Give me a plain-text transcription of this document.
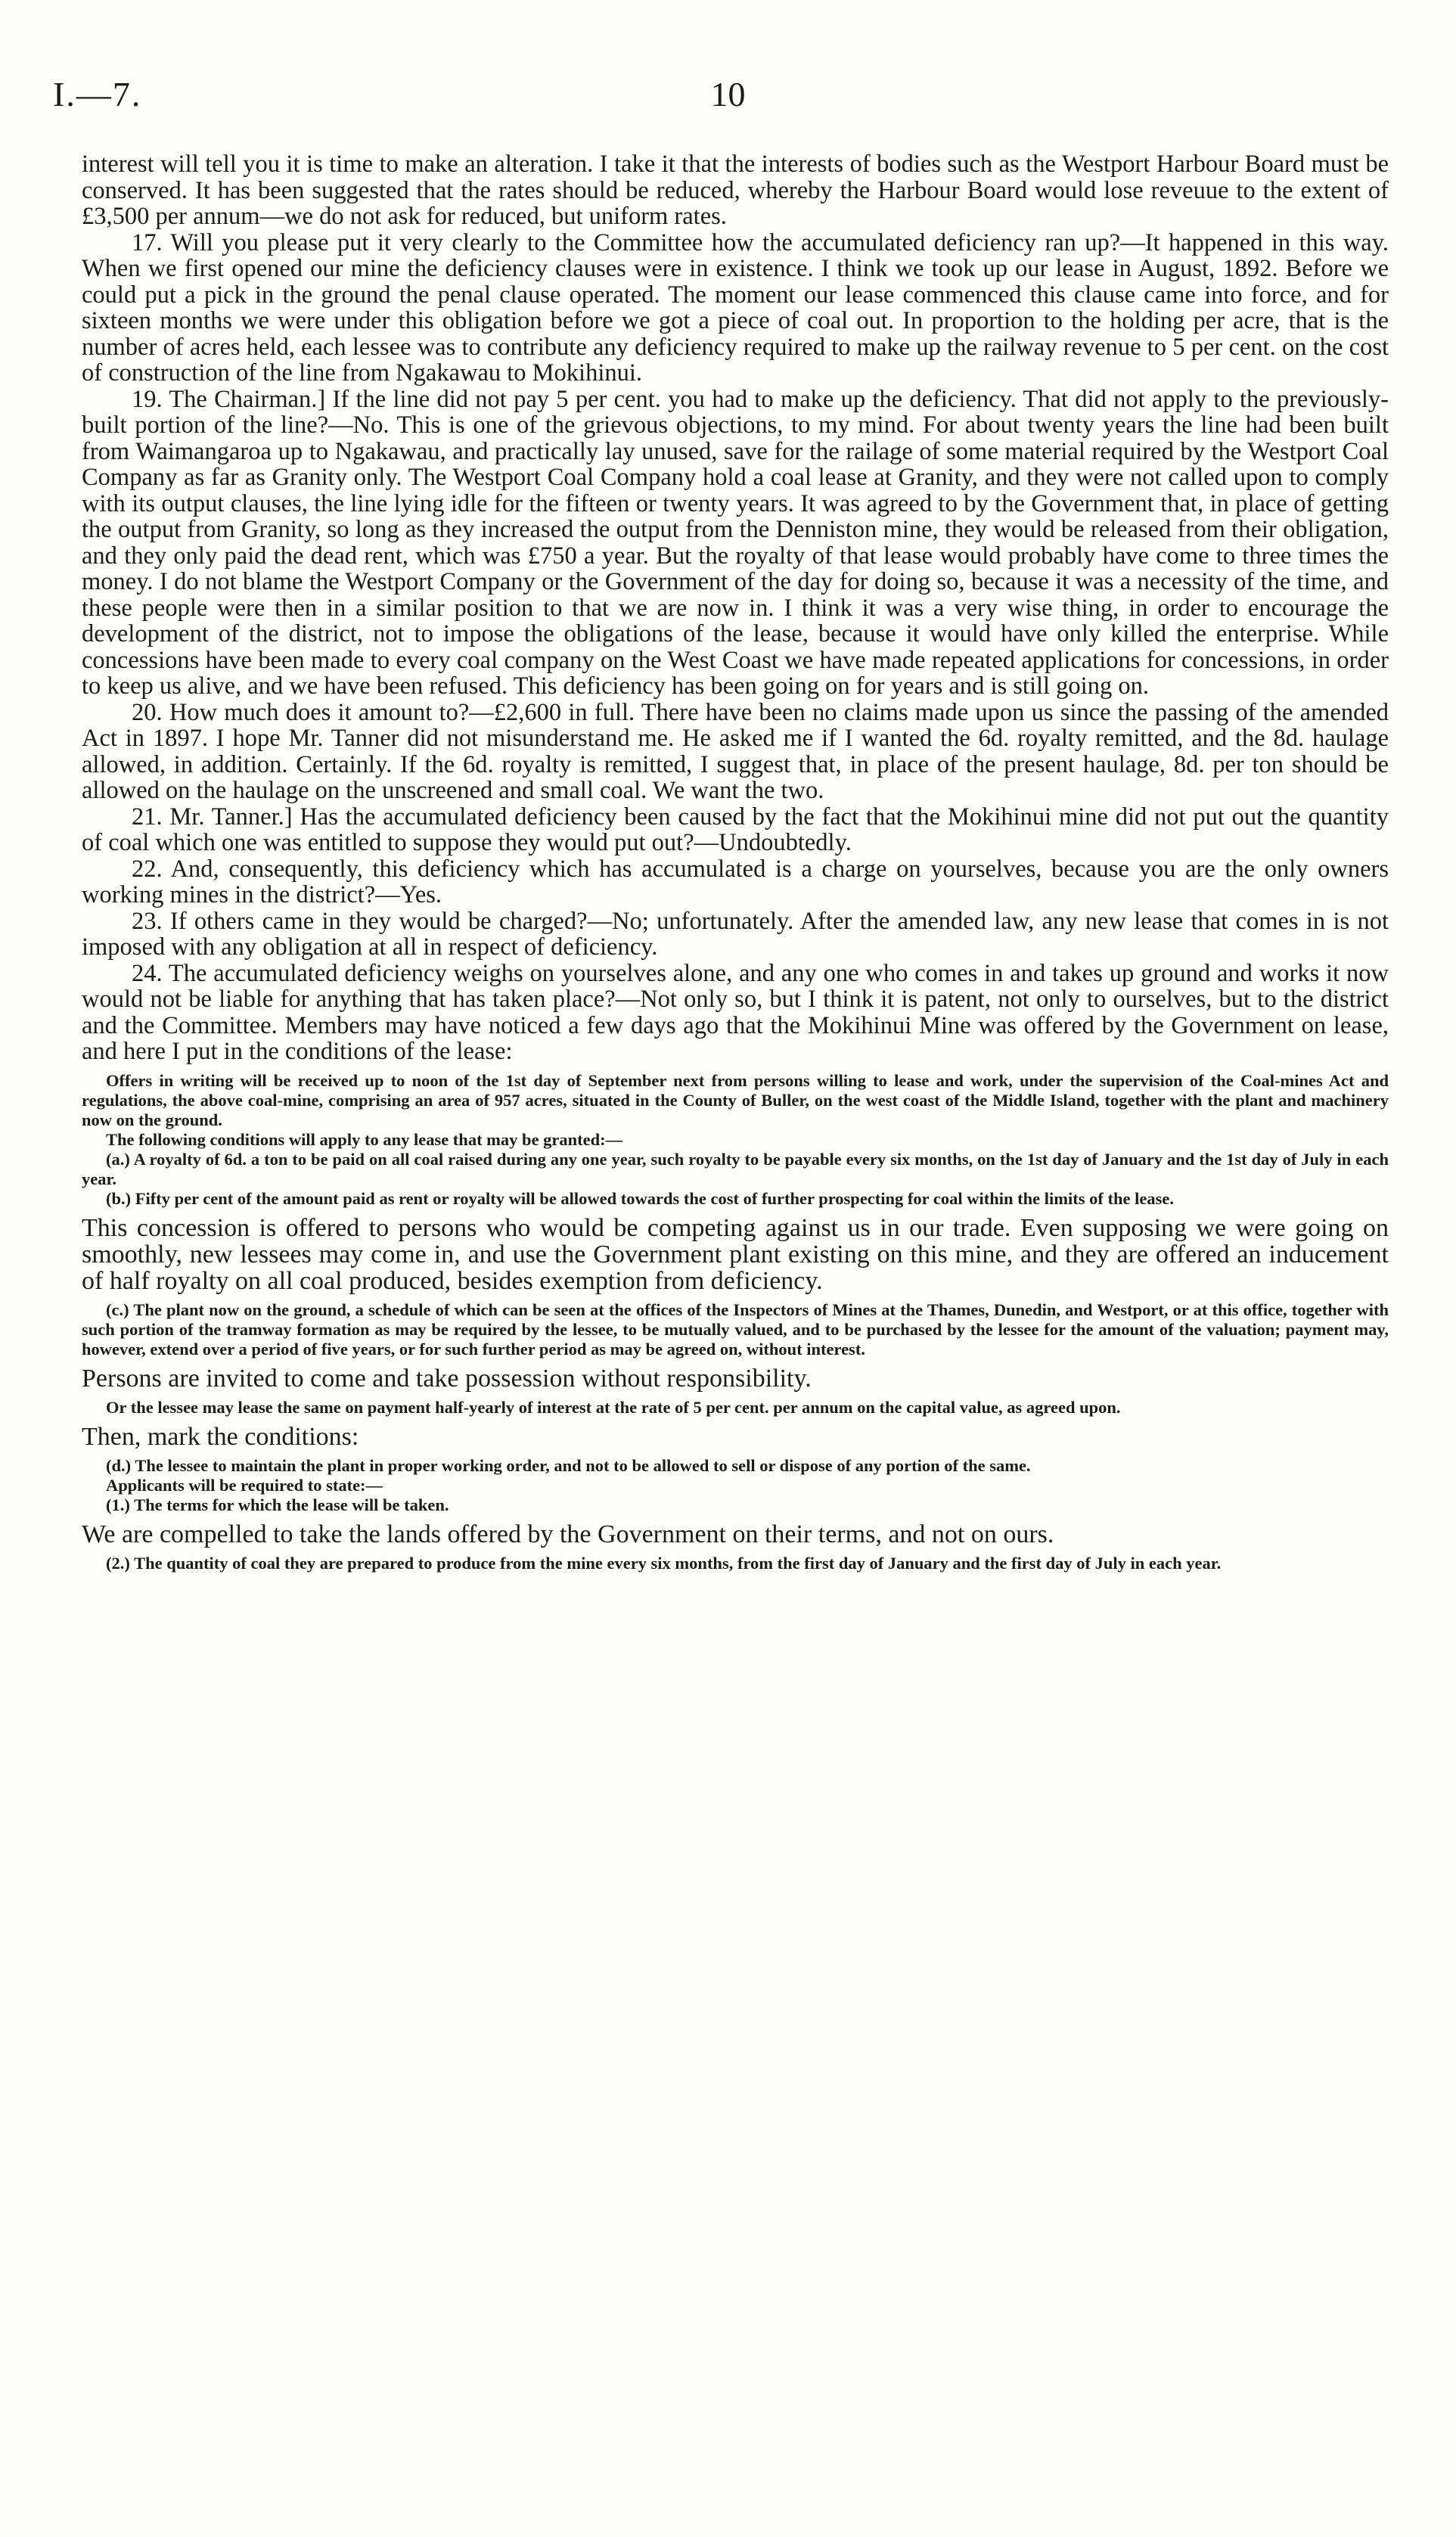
I.—7.	10

interest will tell you it is time to make an alteration. I take it that the interests of bodies such as the Westport Harbour Board must be conserved. It has been suggested that the rates should be reduced, whereby the Harbour Board would lose reveuue to the extent of £3,500 per annum—we do not ask for reduced, but uniform rates.

17. Will you please put it very clearly to the Committee how the accumulated deficiency ran up?—It happened in this way. When we first opened our mine the deficiency clauses were in existence. I think we took up our lease in August, 1892. Before we could put a pick in the ground the penal clause operated. The moment our lease commenced this clause came into force, and for sixteen months we were under this obligation before we got a piece of coal out. In proportion to the holding per acre, that is the number of acres held, each lessee was to contribute any deficiency required to make up the railway revenue to 5 per cent. on the cost of construction of the line from Ngakawau to Mokihinui.

19. The Chairman.] If the line did not pay 5 per cent. you had to make up the deficiency. That did not apply to the previously-built portion of the line?—No. This is one of the grievous objections, to my mind. For about twenty years the line had been built from Waimangaroa up to Ngakawau, and practically lay unused, save for the railage of some material required by the Westport Coal Company as far as Granity only. The Westport Coal Company hold a coal lease at Granity, and they were not called upon to comply with its output clauses, the line lying idle for the fifteen or twenty years. It was agreed to by the Government that, in place of getting the output from Granity, so long as they increased the output from the Denniston mine, they would be released from their obligation, and they only paid the dead rent, which was £750 a year. But the royalty of that lease would probably have come to three times the money. I do not blame the Westport Company or the Government of the day for doing so, because it was a necessity of the time, and these people were then in a similar position to that we are now in. I think it was a very wise thing, in order to encourage the development of the district, not to impose the obligations of the lease, because it would have only killed the enterprise. While concessions have been made to every coal company on the West Coast we have made repeated applications for concessions, in order to keep us alive, and we have been refused. This deficiency has been going on for years and is still going on.

20. How much does it amount to?—£2,600 in full. There have been no claims made upon us since the passing of the amended Act in 1897. I hope Mr. Tanner did not misunderstand me. He asked me if I wanted the 6d. royalty remitted, and the 8d. haulage allowed, in addition. Certainly. If the 6d. royalty is remitted, I suggest that, in place of the present haulage, 8d. per ton should be allowed on the haulage on the unscreened and small coal. We want the two.

21. Mr. Tanner.] Has the accumulated deficiency been caused by the fact that the Mokihinui mine did not put out the quantity of coal which one was entitled to suppose they would put out?—Undoubtedly.

22. And, consequently, this deficiency which has accumulated is a charge on yourselves, because you are the only owners working mines in the district?—Yes.

23. If others came in they would be charged?—No; unfortunately. After the amended law, any new lease that comes in is not imposed with any obligation at all in respect of deficiency.

24. The accumulated deficiency weighs on yourselves alone, and any one who comes in and takes up ground and works it now would not be liable for anything that has taken place?—Not only so, but I think it is patent, not only to ourselves, but to the district and the Committee. Members may have noticed a few days ago that the Mokihinui Mine was offered by the Government on lease, and here I put in the conditions of the lease:

Offers in writing will be received up to noon of the 1st day of September next from persons willing to lease and work, under the supervision of the Coal-mines Act and regulations, the above coal-mine, comprising an area of 957 acres, situated in the County of Buller, on the west coast of the Middle Island, together with the plant and machinery now on the ground.

The following conditions will apply to any lease that may be granted:—

(a.) A royalty of 6d. a ton to be paid on all coal raised during any one year, such royalty to be payable every six months, on the 1st day of January and the 1st day of July in each year.

(b.) Fifty per cent of the amount paid as rent or royalty will be allowed towards the cost of further prospecting for coal within the limits of the lease.

This concession is offered to persons who would be competing against us in our trade. Even supposing we were going on smoothly, new lessees may come in, and use the Government plant existing on this mine, and they are offered an inducement of half royalty on all coal produced, besides exemption from deficiency.

(c.) The plant now on the ground, a schedule of which can be seen at the offices of the Inspectors of Mines at the Thames, Dunedin, and Westport, or at this office, together with such portion of the tramway formation as may be required by the lessee, to be mutually valued, and to be purchased by the lessee for the amount of the valuation; payment may, however, extend over a period of five years, or for such further period as may be agreed on, without interest.

Persons are invited to come and take possession without responsibility.

Or the lessee may lease the same on payment half-yearly of interest at the rate of 5 per cent. per annum on the capital value, as agreed upon.

Then, mark the conditions:

(d.) The lessee to maintain the plant in proper working order, and not to be allowed to sell or dispose of any portion of the same.

Applicants will be required to state:—

(1.) The terms for which the lease will be taken.

We are compelled to take the lands offered by the Government on their terms, and not on ours.

(2.) The quantity of coal they are prepared to produce from the mine every six months, from the first day of January and the first day of July in each year.
